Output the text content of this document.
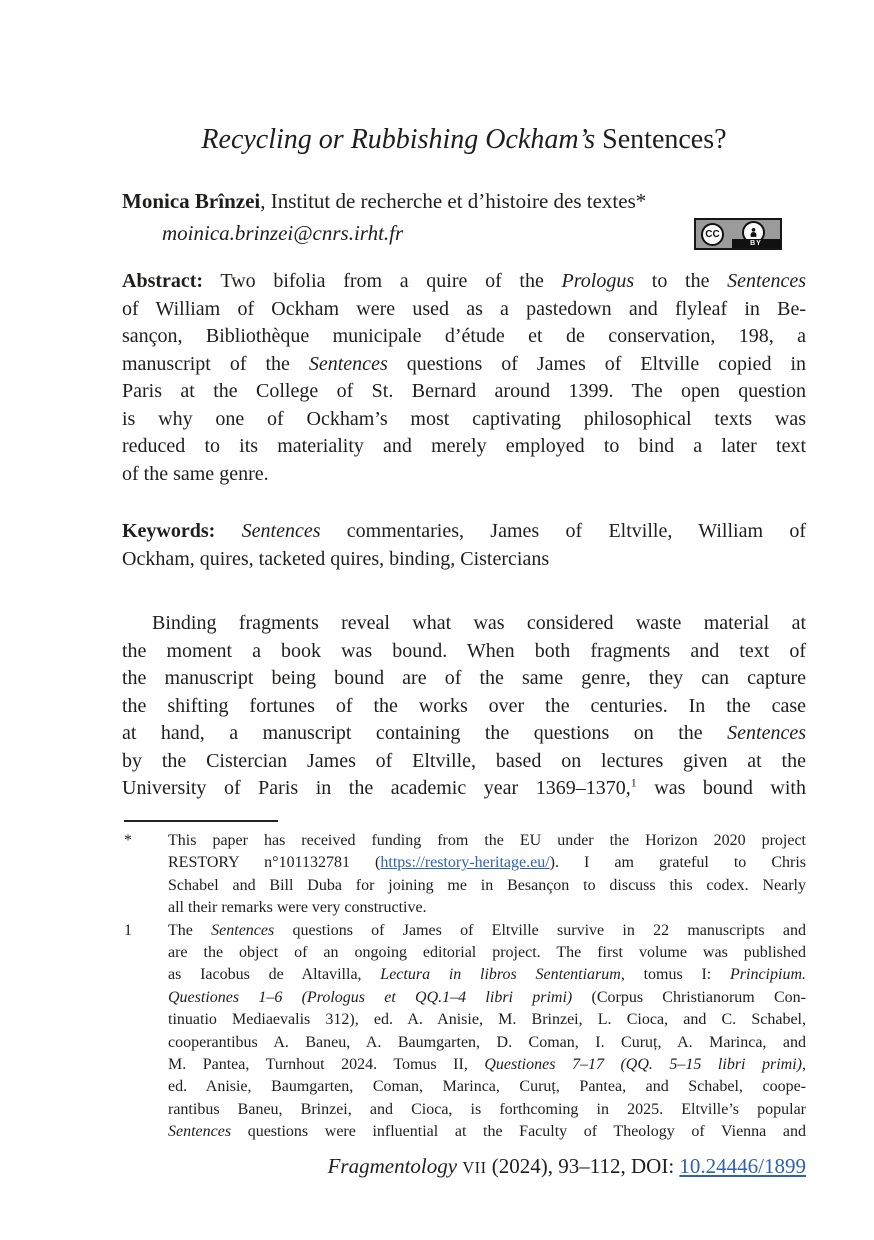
Recycling or Rubbishing Ockham’s Sentences?
Monica Brînzei, Institut de recherche et d’histoire des textes*
moinica.brinzei@cnrs.irht.fr	CC
BY
Abstract: Two bifolia from a quire of the Prologus to the Sentences
of William of Ockham were used as a pastedown and flyleaf in Be-
sançon, Bibliothèque municipale d’étude et de conservation, 198, a
manuscript of the Sentences questions of James of Eltville copied in
Paris at the College of St. Bernard around 1399. The open question
is why one of Ockham’s most captivating philosophical texts was
reduced to its materiality and merely employed to bind a later text
of the same genre.
Keywords: Sentences commentaries, James of Eltville, William of
Ockham, quires, tacketed quires, binding, Cistercians
Binding fragments reveal what was considered waste material at
the moment a book was bound. When both fragments and text of
the manuscript being bound are of the same genre, they can capture
the shifting fortunes of the works over the centuries. In the case
at hand, a manuscript containing the questions on the Sentences
by the Cistercian James of Eltville, based on lectures given at the
University of Paris in the academic year 1369–1370,$^1$ was bound with
* This paper has received funding from the EU under the Horizon 2020 project
RESTORY n°101132781 (https://restory-heritage.eu/). I am grateful to Chris
Schabel and Bill Duba for joining me in Besançon to discuss this codex. Nearly
all their remarks were very constructive.
1 The Sentences questions of James of Eltville survive in 22 manuscripts and
are the object of an ongoing editorial project. The first volume was published
as Iacobus de Altavilla, Lectura in libros Sententiarum, tomus I: Principium.
Questiones 1–6 (Prologus et QQ.1–4 libri primi) (Corpus Christianorum Con-
tinuatio Mediaevalis 312), ed. A. Anisie, M. Brinzei, L. Cioca, and C. Schabel,
cooperantibus A. Baneu, A. Baumgarten, D. Coman, I. Curuț, A. Marinca, and
M. Pantea, Turnhout 2024. Tomus II, Questiones 7–17 (QQ. 5–15 libri primi),
ed. Anisie, Baumgarten, Coman, Marinca, Curuț, Pantea, and Schabel, coope-
rantibus Baneu, Brinzei, and Cioca, is forthcoming in 2025. Eltville’s popular
Sentences questions were influential at the Faculty of Theology of Vienna and
Fragmentology VII (2024), 93–112, DOI: 10.24446/1899
